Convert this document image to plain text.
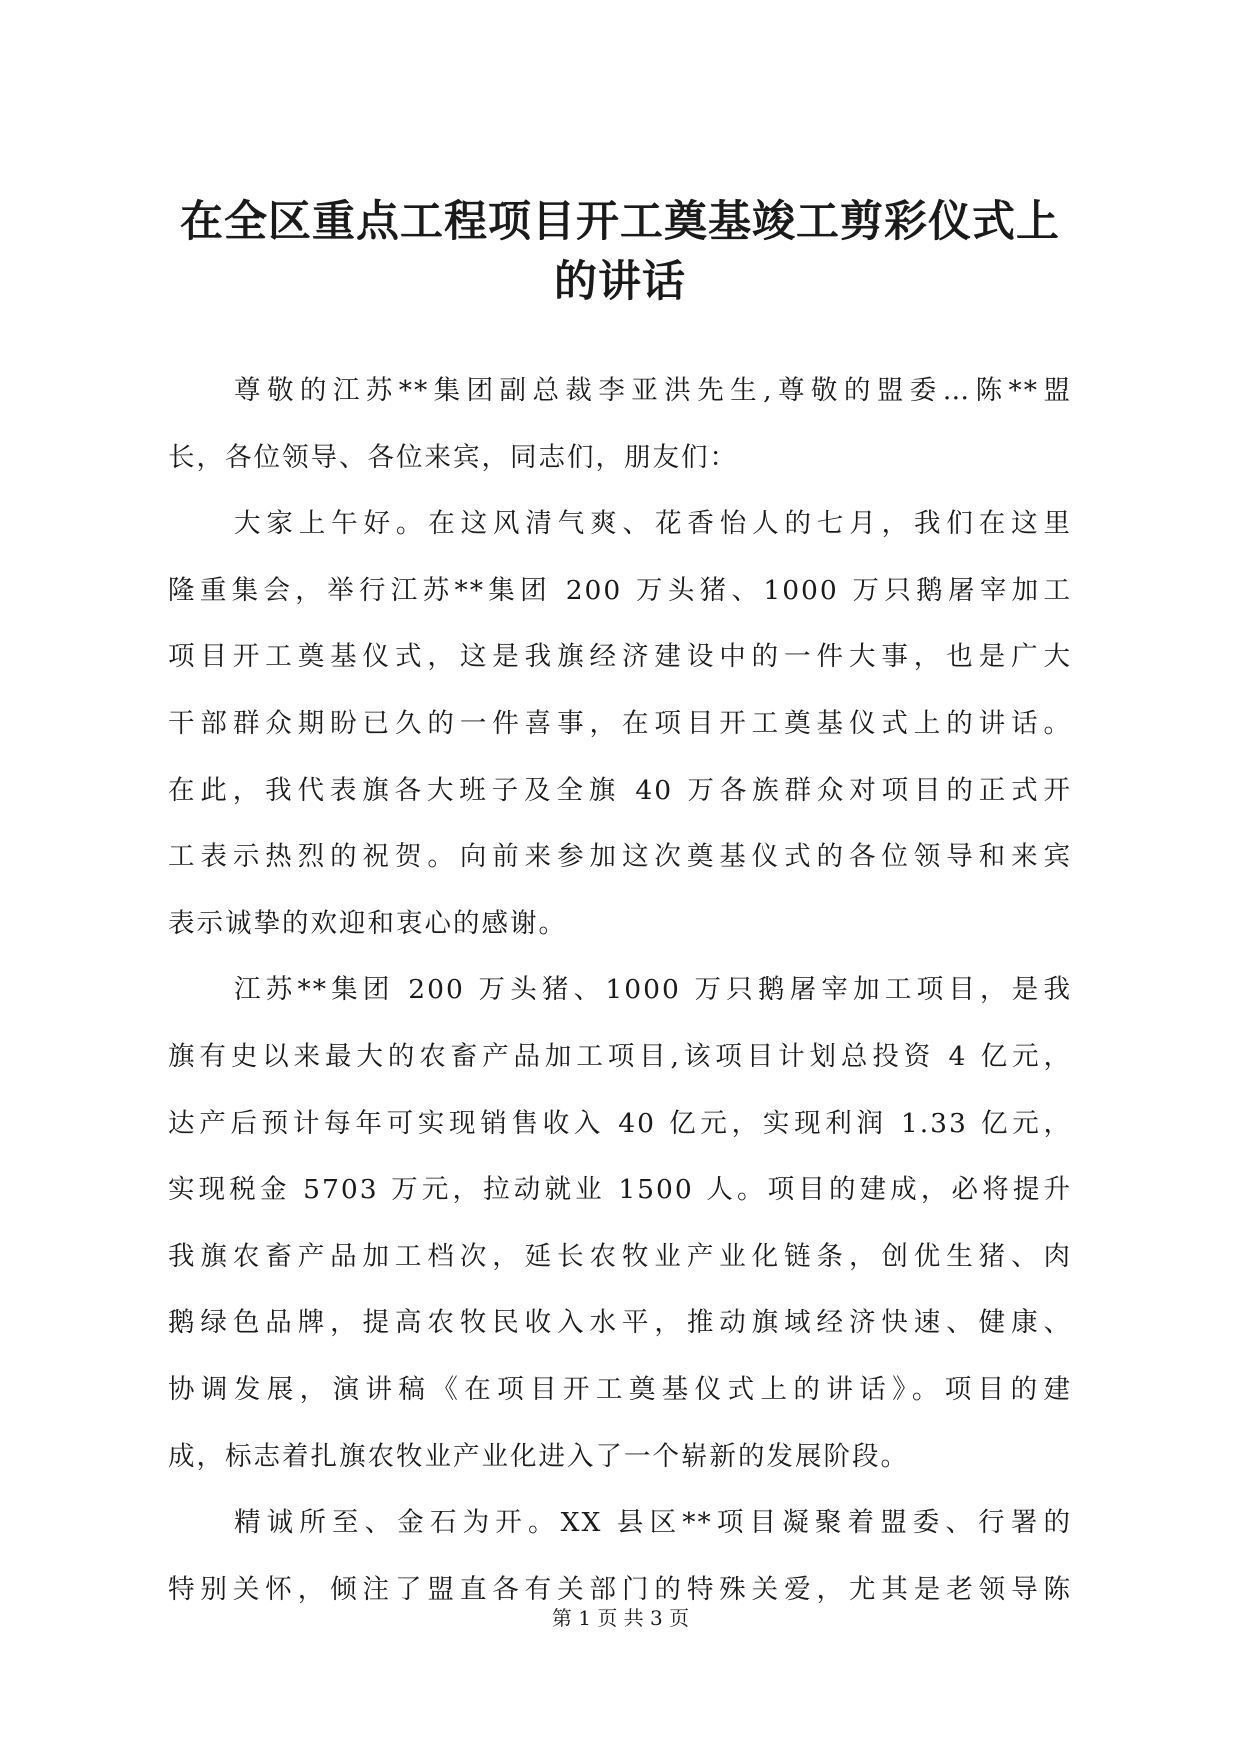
在全区重点工程项目开工奠基竣工剪彩仪式上
的讲话
尊敬的江苏**集团副总裁李亚洪先生,尊敬的盟委…陈**盟
长，各位领导、各位来宾，同志们，朋友们：
大家上午好。在这风清气爽、花香怡人的七月，我们在这里
隆重集会，举行江苏**集团 200 万头猪、1000 万只鹅屠宰加工
项目开工奠基仪式，这是我旗经济建设中的一件大事，也是广大
干部群众期盼已久的一件喜事，在项目开工奠基仪式上的讲话。
在此，我代表旗各大班子及全旗 40 万各族群众对项目的正式开
工表示热烈的祝贺。向前来参加这次奠基仪式的各位领导和来宾
表示诚挚的欢迎和衷心的感谢。
江苏**集团 200 万头猪、1000 万只鹅屠宰加工项目，是我
旗有史以来最大的农畜产品加工项目,该项目计划总投资 4 亿元，
达产后预计每年可实现销售收入 40 亿元，实现利润 1.33 亿元，
实现税金 5703 万元，拉动就业 1500 人。项目的建成，必将提升
我旗农畜产品加工档次，延长农牧业产业化链条，创优生猪、肉
鹅绿色品牌，提高农牧民收入水平，推动旗域经济快速、健康、
协调发展，演讲稿《在项目开工奠基仪式上的讲话》。项目的建
成，标志着扎旗农牧业产业化进入了一个崭新的发展阶段。
精诚所至、金石为开。XX 县区**项目凝聚着盟委、行署的
特别关怀，倾注了盟直各有关部门的特殊关爱，尤其是老领导陈
第 1 页 共 3 页
